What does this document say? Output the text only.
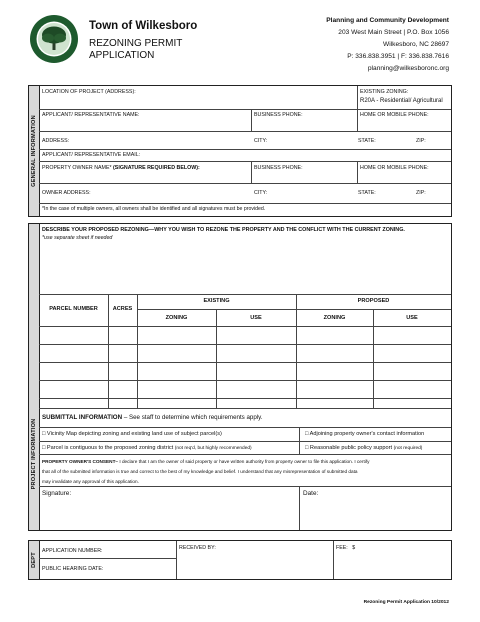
Town of Wilkesboro
REZONING PERMIT
APPLICATION
Planning and Community Development
203 West Main Street | P.O. Box 1056
Wilkesboro, NC 28697
P: 336.838.3951 | F: 336.838.7616
planning@wilkesboronc.org
GENERAL INFORMATION
LOCATION OF PROJECT (ADDRESS):	EXISTING ZONING:
R20A - Residential/ Agricultural
APPLICANT/ REPRESENTATIVE NAME:	BUSINESS PHONE:	HOME OR MOBILE PHONE:
ADDRESS:	CITY:	STATE:	ZIP:
APPLICANT/ REPRESENTATIVE EMAIL:
PROPERTY OWNER NAME* (SIGNATURE REQUIRED BELOW):	BUSINESS PHONE:	HOME OR MOBILE PHONE:
OWNER ADDRESS:	CITY:	STATE:	ZIP:
*In the case of multiple owners, all owners shall be identified and all signatures must be provided.
PROJECT INFORMATION
DESCRIBE YOUR PROPOSED REZONING—WHY YOU WISH TO REZONE THE PROPERTY AND THE CONFLICT WITH THE CURRENT ZONING.
*use separate sheet if needed
PARCEL NUMBER	ACRES
EXISTING	PROPOSED
ZONING	USE	ZONING	USE
SUBMITTAL INFORMATION – See staff to determine which requirements apply.
□ Vicinity Map depicting zoning and existing land use of subject parcel(s)	□ Adjoining property owner's contact information
□ Parcel is contiguous to the proposed zoning district (not req'd, but highly recommended)	□ Reasonable public policy support (not required)
PROPERTY OWNER'S CONSENT– I declare that I am the owner of said property or have written authority from property owner to file this application. I certify
that all of the submitted information is true and correct to the best of my knowledge and belief. I understand that any misrepresentation of submitted data
may invalidate any approval of this application.
Signature:	Date:
DEPT
APPLICATION NUMBER:	RECEIVED BY:	FEE: $
PUBLIC HEARING DATE:
Rezoning Permit Application 10/2012
